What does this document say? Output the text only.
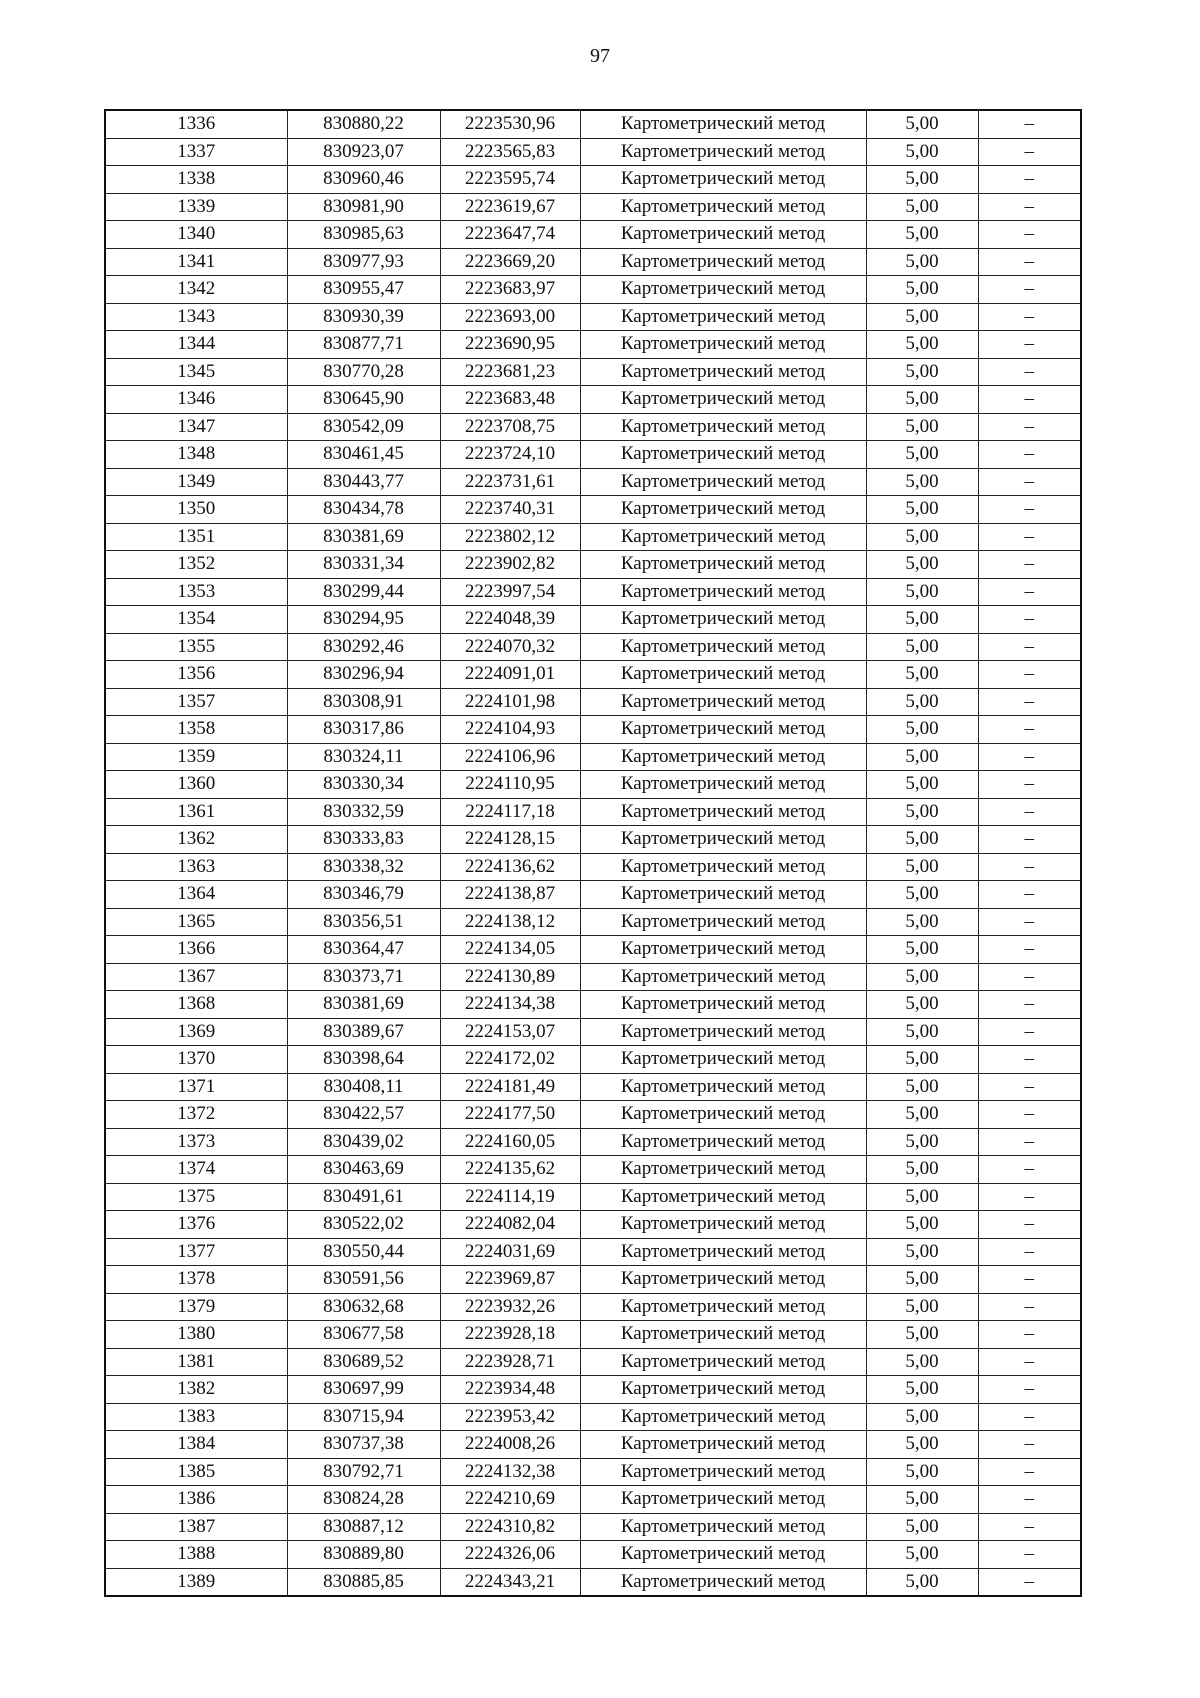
97
1336	830880,22	2223530,96	Картометрический метод	5,00	–
1337	830923,07	2223565,83	Картометрический метод	5,00	–
1338	830960,46	2223595,74	Картометрический метод	5,00	–
1339	830981,90	2223619,67	Картометрический метод	5,00	–
1340	830985,63	2223647,74	Картометрический метод	5,00	–
1341	830977,93	2223669,20	Картометрический метод	5,00	–
1342	830955,47	2223683,97	Картометрический метод	5,00	–
1343	830930,39	2223693,00	Картометрический метод	5,00	–
1344	830877,71	2223690,95	Картометрический метод	5,00	–
1345	830770,28	2223681,23	Картометрический метод	5,00	–
1346	830645,90	2223683,48	Картометрический метод	5,00	–
1347	830542,09	2223708,75	Картометрический метод	5,00	–
1348	830461,45	2223724,10	Картометрический метод	5,00	–
1349	830443,77	2223731,61	Картометрический метод	5,00	–
1350	830434,78	2223740,31	Картометрический метод	5,00	–
1351	830381,69	2223802,12	Картометрический метод	5,00	–
1352	830331,34	2223902,82	Картометрический метод	5,00	–
1353	830299,44	2223997,54	Картометрический метод	5,00	–
1354	830294,95	2224048,39	Картометрический метод	5,00	–
1355	830292,46	2224070,32	Картометрический метод	5,00	–
1356	830296,94	2224091,01	Картометрический метод	5,00	–
1357	830308,91	2224101,98	Картометрический метод	5,00	–
1358	830317,86	2224104,93	Картометрический метод	5,00	–
1359	830324,11	2224106,96	Картометрический метод	5,00	–
1360	830330,34	2224110,95	Картометрический метод	5,00	–
1361	830332,59	2224117,18	Картометрический метод	5,00	–
1362	830333,83	2224128,15	Картометрический метод	5,00	–
1363	830338,32	2224136,62	Картометрический метод	5,00	–
1364	830346,79	2224138,87	Картометрический метод	5,00	–
1365	830356,51	2224138,12	Картометрический метод	5,00	–
1366	830364,47	2224134,05	Картометрический метод	5,00	–
1367	830373,71	2224130,89	Картометрический метод	5,00	–
1368	830381,69	2224134,38	Картометрический метод	5,00	–
1369	830389,67	2224153,07	Картометрический метод	5,00	–
1370	830398,64	2224172,02	Картометрический метод	5,00	–
1371	830408,11	2224181,49	Картометрический метод	5,00	–
1372	830422,57	2224177,50	Картометрический метод	5,00	–
1373	830439,02	2224160,05	Картометрический метод	5,00	–
1374	830463,69	2224135,62	Картометрический метод	5,00	–
1375	830491,61	2224114,19	Картометрический метод	5,00	–
1376	830522,02	2224082,04	Картометрический метод	5,00	–
1377	830550,44	2224031,69	Картометрический метод	5,00	–
1378	830591,56	2223969,87	Картометрический метод	5,00	–
1379	830632,68	2223932,26	Картометрический метод	5,00	–
1380	830677,58	2223928,18	Картометрический метод	5,00	–
1381	830689,52	2223928,71	Картометрический метод	5,00	–
1382	830697,99	2223934,48	Картометрический метод	5,00	–
1383	830715,94	2223953,42	Картометрический метод	5,00	–
1384	830737,38	2224008,26	Картометрический метод	5,00	–
1385	830792,71	2224132,38	Картометрический метод	5,00	–
1386	830824,28	2224210,69	Картометрический метод	5,00	–
1387	830887,12	2224310,82	Картометрический метод	5,00	–
1388	830889,80	2224326,06	Картометрический метод	5,00	–
1389	830885,85	2224343,21	Картометрический метод	5,00	–
